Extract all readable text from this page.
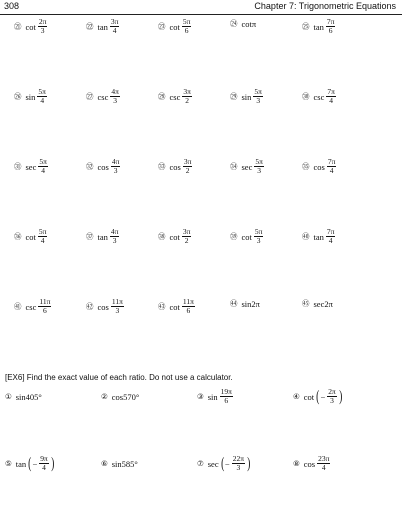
308	Chapter 7: Trigonometric Equations
㉑ $\cot \frac{2\pi}{3}$	㉒ $\tan \frac{3\pi}{4}$	㉓ $\cot \frac{5\pi}{6}$	㉔ cotπ	㉕ $\tan \frac{7\pi}{6}$
㉖ $\sin \frac{5\pi}{4}$	㉗ $\csc \frac{4\pi}{3}$	㉘ $\csc \frac{3\pi}{2}$	㉙ $\sin \frac{5\pi}{3}$	㉚ $\csc \frac{7\pi}{4}$
㉛ $\sec \frac{5\pi}{4}$	㉜ $\cos \frac{4\pi}{3}$	㉝ $\cos \frac{3\pi}{2}$	㉞ $\sec \frac{5\pi}{3}$	㉟ $\cos \frac{7\pi}{4}$
㊱ $\cot \frac{5\pi}{4}$	㊲ $\tan \frac{4\pi}{3}$	㊳ $\cot \frac{3\pi}{2}$	㊴ $\cot \frac{5\pi}{3}$	㊵ $\tan \frac{7\pi}{4}$
㊶ $\csc \frac{11\pi}{6}$	㊷ $\cos \frac{11\pi}{3}$	㊸ $\cot \frac{11\pi}{6}$	㊹ sin2π	㊺ sec2π
[EX6] Find the exact value of each ratio. Do not use a calculator.
① sin405°	② cos570°	③ $\sin \frac{19\pi}{6}$	④ cot ( − $\frac{2\pi}{3}$ )
⑤ tan ( − $\frac{9\pi}{4}$ )	⑥ sin585°	⑦ sec ( − $\frac{22\pi}{3}$ )	⑧ $\cos \frac{23\pi}{4}$
